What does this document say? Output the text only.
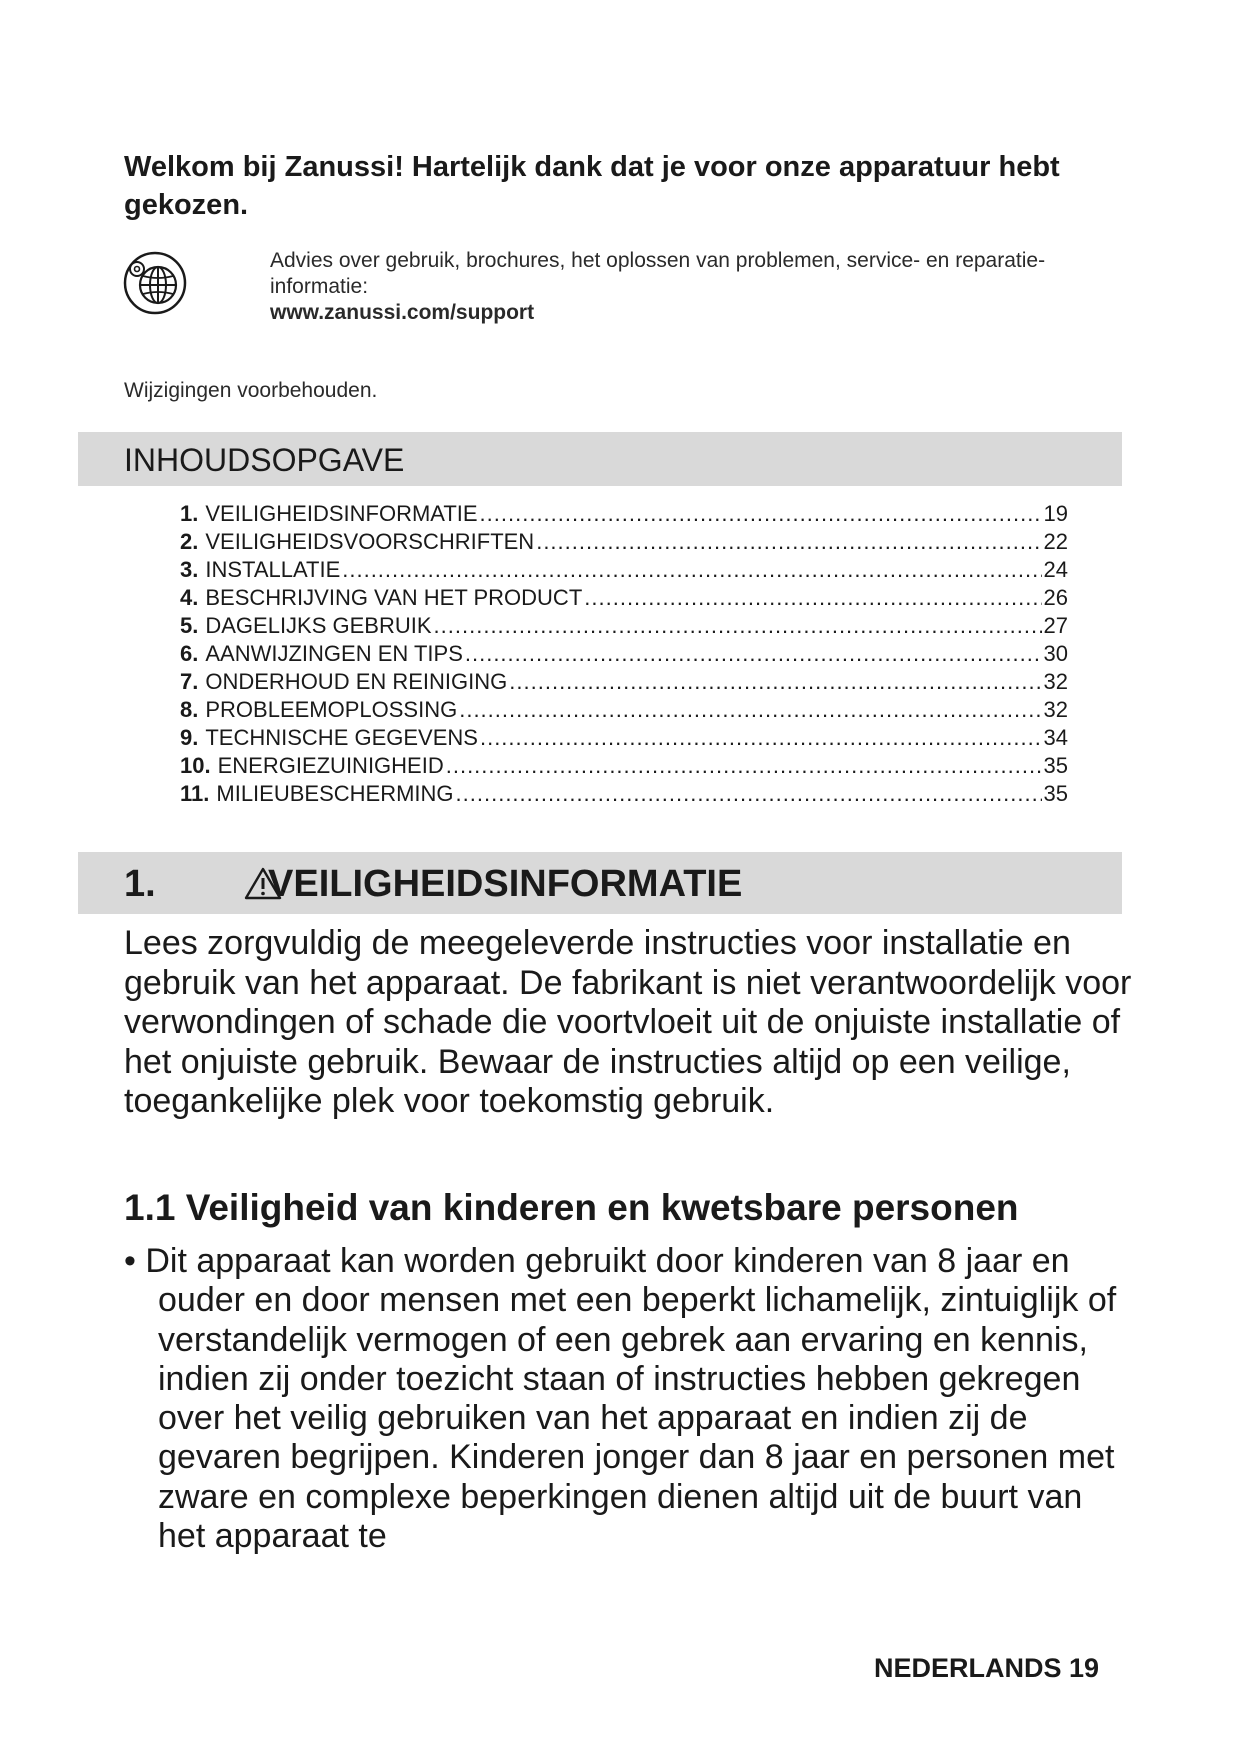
Welkom bij Zanussi! Hartelijk dank dat je voor onze apparatuur hebt gekozen.
Advies over gebruik, brochures, het oplossen van problemen, service- en reparatie-informatie:
www.zanussi.com/support
Wijzigingen voorbehouden.
INHOUDSOPGAVE
1. VEILIGHEIDSINFORMATIE .....	19
2. VEILIGHEIDSVOORSCHRIFTEN .....	22
3. INSTALLATIE .....	24
4. BESCHRIJVING VAN HET PRODUCT .....	26
5. DAGELIJKS GEBRUIK .....	27
6. AANWIJZINGEN EN TIPS .....	30
7. ONDERHOUD EN REINIGING .....	32
8. PROBLEEMOPLOSSING .....	32
9. TECHNISCHE GEGEVENS .....	34
10. ENERGIEZUINIGHEID .....	35
11. MILIEUBESCHERMING .....	35
1.	VEILIGHEIDSINFORMATIE
Lees zorgvuldig de meegeleverde instructies voor installatie en gebruik van het apparaat. De fabrikant is niet verantwoordelijk voor verwondingen of schade die voortvloeit uit de onjuiste installatie of het onjuiste gebruik. Bewaar de instructies altijd op een veilige, toegankelijke plek voor toekomstig gebruik.
1.1 Veiligheid van kinderen en kwetsbare personen
• Dit apparaat kan worden gebruikt door kinderen van 8 jaar en ouder en door mensen met een beperkt lichamelijk, zintuiglijk of verstandelijk vermogen of een gebrek aan ervaring en kennis, indien zij onder toezicht staan of instructies hebben gekregen over het veilig gebruiken van het apparaat en indien zij de gevaren begrijpen. Kinderen jonger dan 8 jaar en personen met zware en complexe beperkingen dienen altijd uit de buurt van het apparaat te
NEDERLANDS 19
